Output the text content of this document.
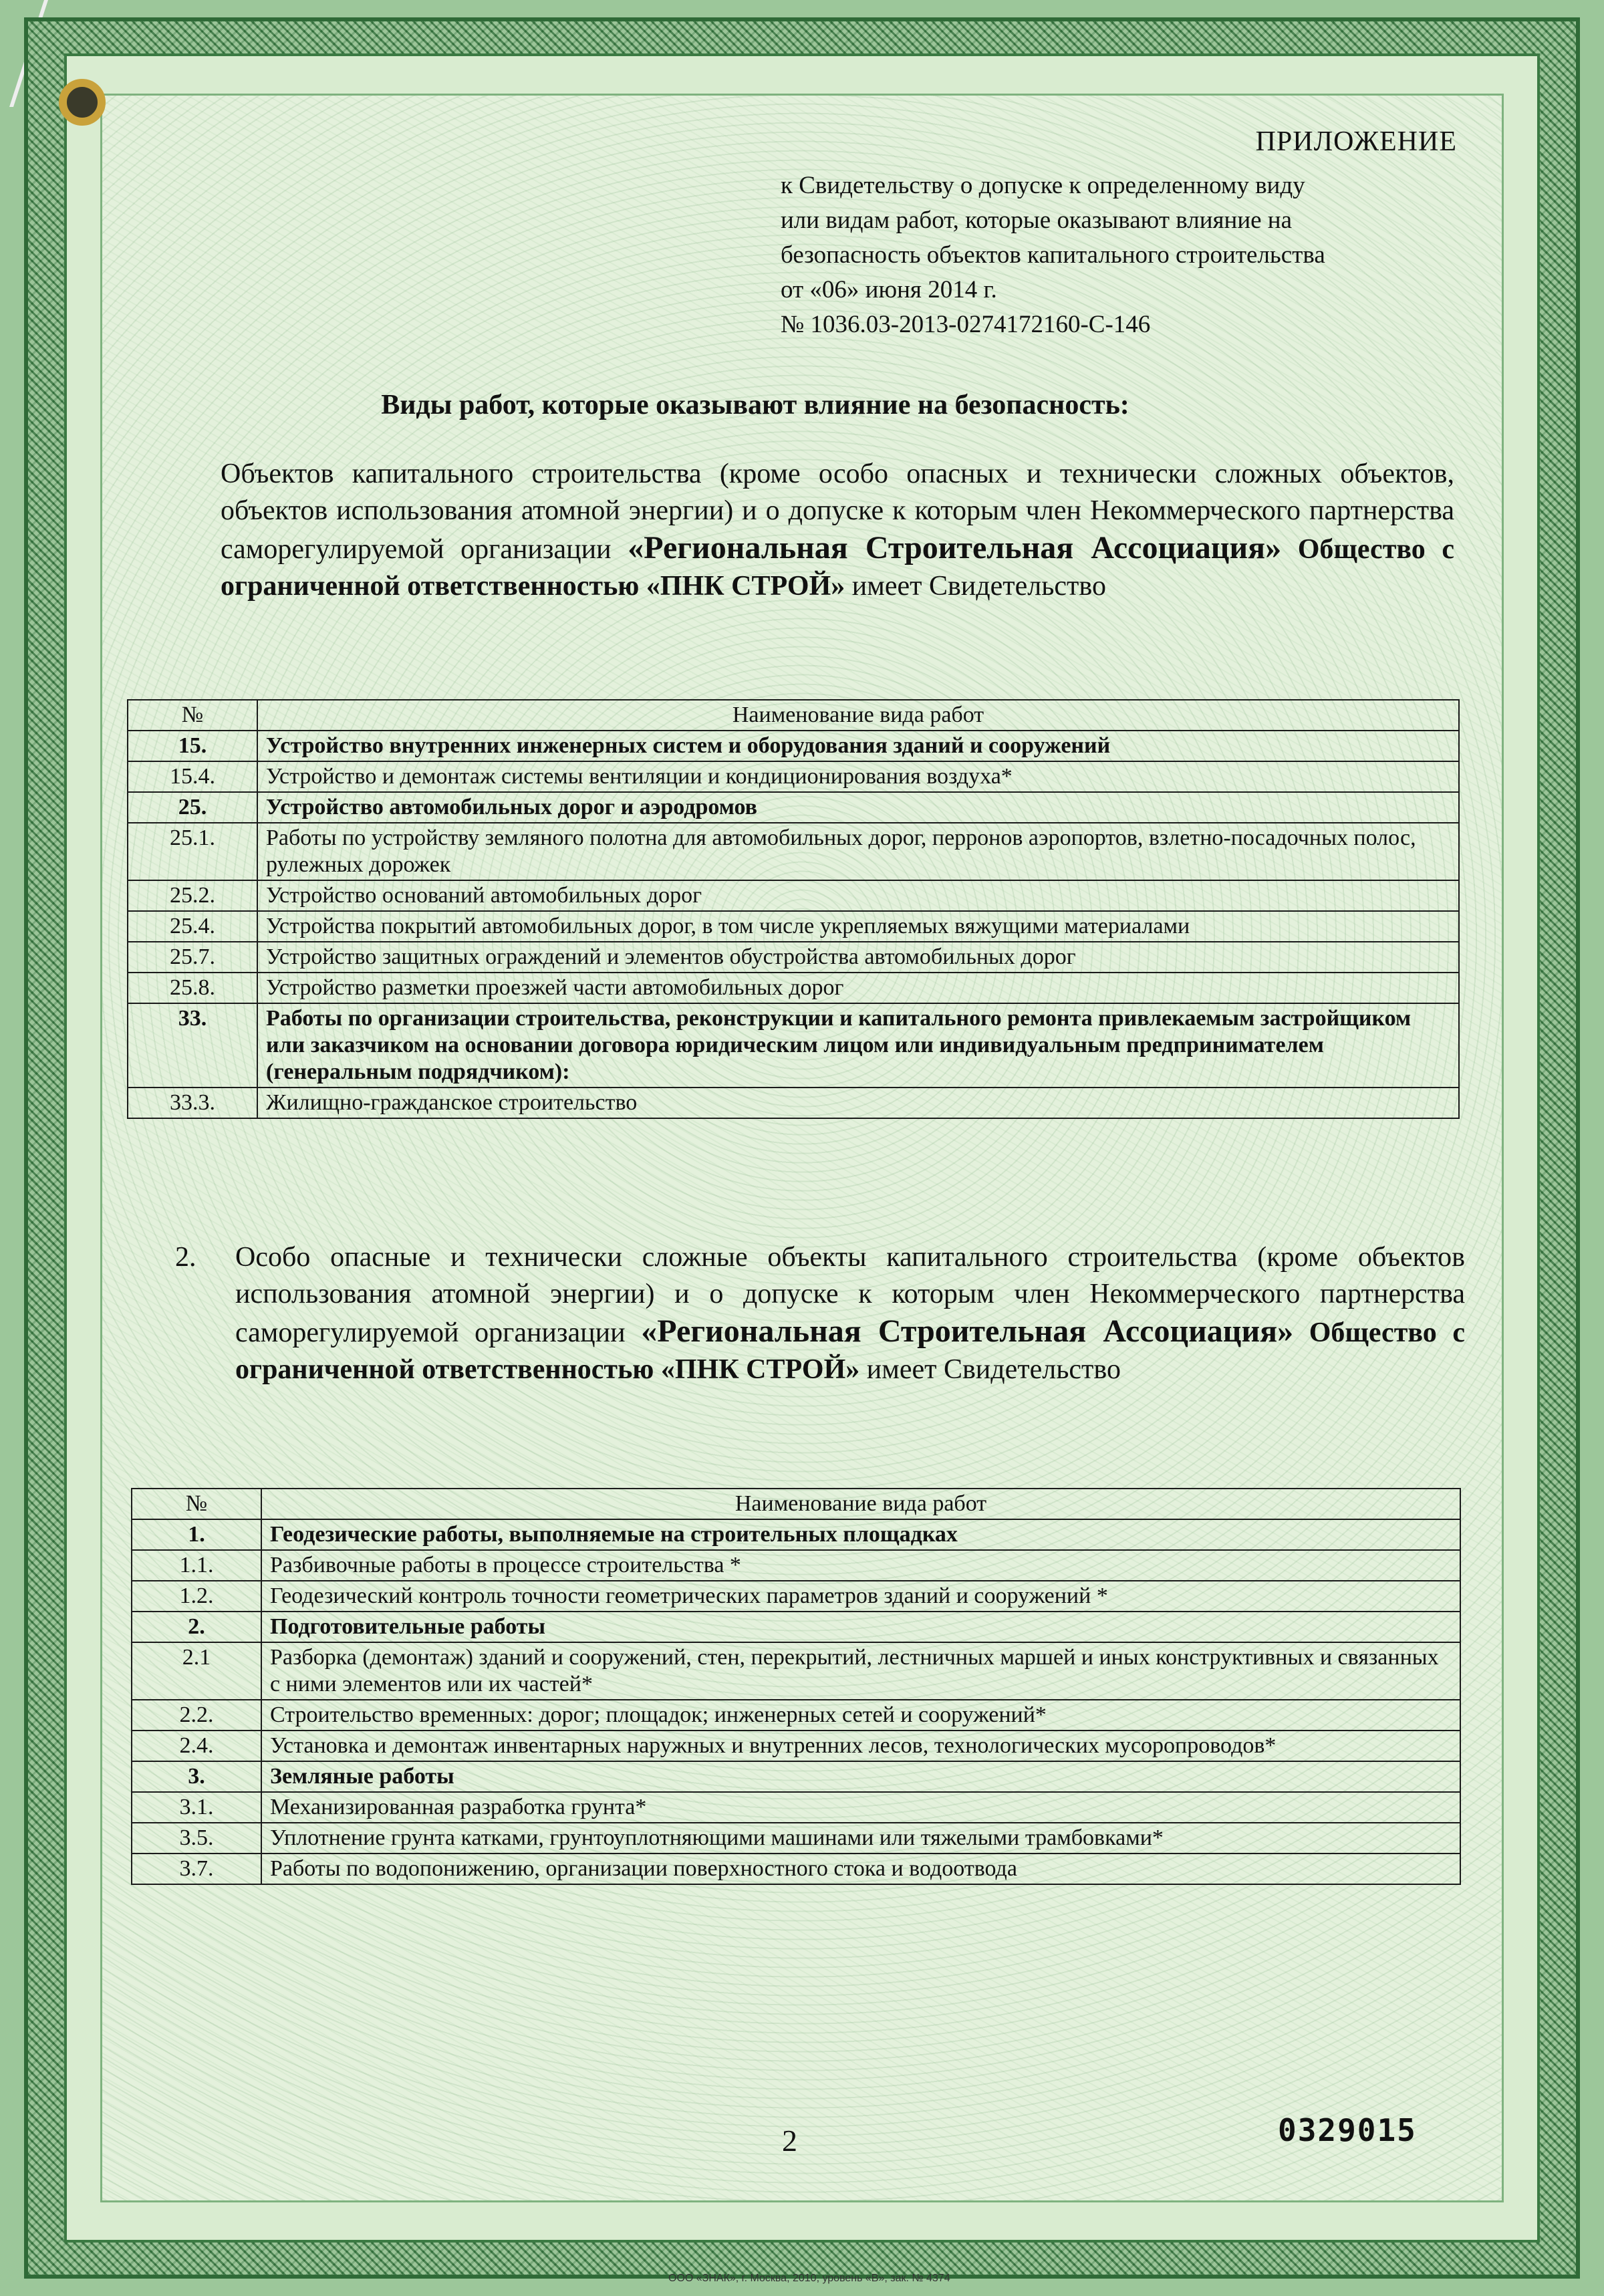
ПРИЛОЖЕНИЕ
к Свидетельству о допуске к определенному виду
или видам работ, которые оказывают влияние на
безопасность объектов капитального строительства
от «06» июня 2014 г.
№ 1036.03-2013-0274172160-С-146
Виды работ, которые оказывают влияние на безопасность:
Объектов капитального строительства (кроме особо опасных и технически сложных объектов, объектов использования атомной энергии) и о допуске к которым член Некоммерческого партнерства саморегулируемой организации «Региональная Строительная Ассоциация» Общество с ограниченной ответственностью «ПНК СТРОЙ» имеет Свидетельство
№	Наименование вида работ
15.	Устройство внутренних инженерных систем и оборудования зданий и сооружений
15.4.	Устройство и демонтаж системы вентиляции и кондиционирования воздуха*
25.	Устройство автомобильных дорог и аэродромов
25.1.	Работы по устройству земляного полотна для автомобильных дорог, перронов аэропортов, взлетно-посадочных полос, рулежных дорожек
25.2.	Устройство оснований автомобильных дорог
25.4.	Устройства покрытий автомобильных дорог, в том числе укрепляемых вяжущими материалами
25.7.	Устройство защитных ограждений и элементов обустройства автомобильных дорог
25.8.	Устройство разметки проезжей части автомобильных дорог
33.	Работы по организации строительства, реконструкции и капитального ремонта привлекаемым застройщиком или заказчиком на основании договора юридическим лицом или индивидуальным предпринимателем (генеральным подрядчиком):
33.3.	Жилищно-гражданское строительство
2. Особо опасные и технически сложные объекты капитального строительства (кроме объектов использования атомной энергии) и о допуске к которым член Некоммерческого партнерства саморегулируемой организации «Региональная Строительная Ассоциация» Общество с ограниченной ответственностью «ПНК СТРОЙ» имеет Свидетельство
№	Наименование вида работ
1.	Геодезические работы, выполняемые на строительных площадках
1.1.	Разбивочные работы в процессе строительства *
1.2.	Геодезический контроль точности геометрических параметров зданий и сооружений *
2.	Подготовительные работы
2.1	Разборка (демонтаж) зданий и сооружений, стен, перекрытий, лестничных маршей и иных конструктивных и связанных с ними элементов или их частей*
2.2.	Строительство временных: дорог; площадок; инженерных сетей и сооружений*
2.4.	Установка и демонтаж инвентарных наружных и внутренних лесов, технологических мусоропроводов*
3.	Земляные работы
3.1.	Механизированная разработка грунта*
3.5.	Уплотнение грунта катками, грунтоуплотняющими машинами или тяжелыми трамбовками*
3.7.	Работы по водопонижению, организации поверхностного стока и водоотвода
2	0329015
ООО «ЗНАК», г. Москва, 2010, уровень «В», зак. № 4374
